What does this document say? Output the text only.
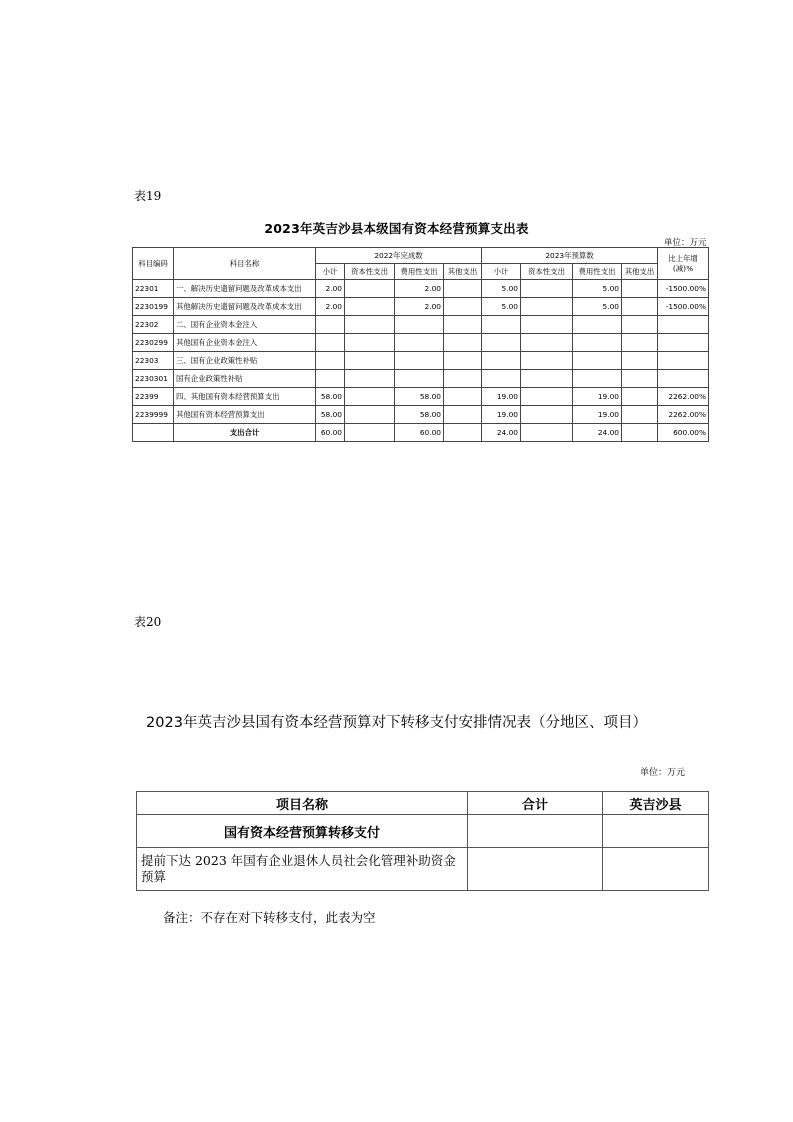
表19
2023年英吉沙县本级国有资本经营预算支出表
单位：万元
科目编码	科目名称	2022年完成数				2023年预算数				比上年增(减)%
		小计	资本性支出	费用性支出	其他支出	小计	资本性支出	费用性支出	其他支出	
22301	一、解决历史遗留问题及改革成本支出	2.00		2.00		5.00		5.00		-1500.00%
2230199	其他解决历史遗留问题及改革成本支出	2.00		2.00		5.00		5.00		-1500.00%
22302	二、国有企业资本金注入									
2230299	其他国有企业资本金注入									
22303	三、国有企业政策性补贴									
2230301	国有企业政策性补贴									
22399	四、其他国有资本经营预算支出	58.00		58.00		19.00		19.00		2262.00%
2239999	其他国有资本经营预算支出	58.00		58.00		19.00		19.00		2262.00%
	支出合计	60.00		60.00		24.00		24.00		600.00%
表20
2023年英吉沙县国有资本经营预算对下转移支付安排情况表（分地区、项目）
单位：万元
项目名称	合计	英吉沙县
国有资本经营预算转移支付		
提前下达 2023 年国有企业退休人员社会化管理补助资金预算		
备注：不存在对下转移支付，此表为空
